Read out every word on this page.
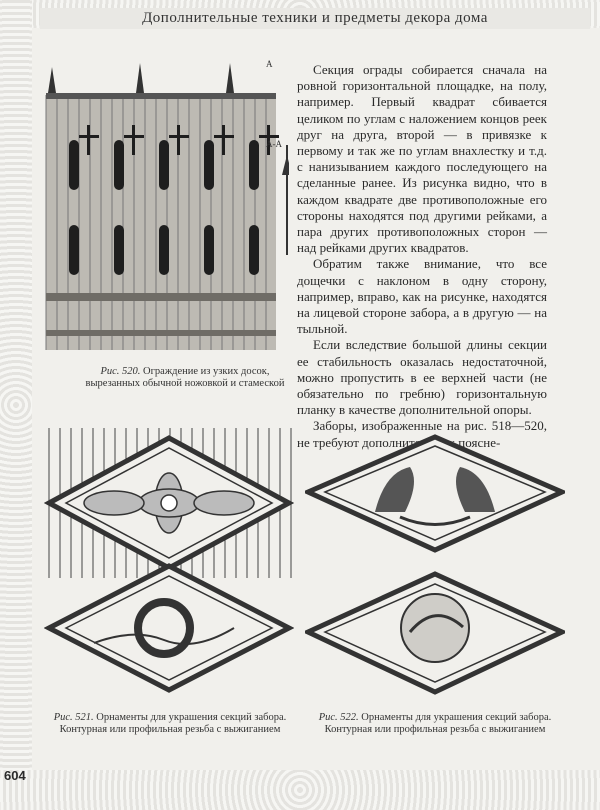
Дополнительные техники и предметы декора дома
А
А-А
Рис. 520. Ограждение из узких досок, вырезанных обычной ножовкой и стамеской

Секция ограды собирается сначала на ровной горизонтальной площадке, на полу, например. Первый квадрат сбивается целиком по углам с наложением концов реек друг на друга, второй — в привязке к первому и так же по углам внахлестку и т.д. с нанизыванием каждого последующего на сделанные ранее. Из рисунка видно, что в каждом квадрате две противоположные его стороны находятся под другими рейками, а пара других противоположных сторон — над рейками других квадратов.

Обратим также внимание, что все дощечки с наклоном в одну сторону, например, вправо, как на рисунке, находятся на лицевой стороне забора, а в другую — на тыльной.

Если вследствие большой длины секции ее стабильность оказалась недостаточной, можно пропустить в ее верхней части (не обязательно по гребню) горизонтальную планку в качестве дополнительной опоры.

Заборы, изображенные на рис. 518—520, не требуют дополнительных поясне-

Рис. 521. Орнаменты для украшения секций забора. Контурная или профильная резьба с выжиганием
Рис. 522. Орнаменты для украшения секций забора. Контурная или профильная резьба с выжиганием
604
